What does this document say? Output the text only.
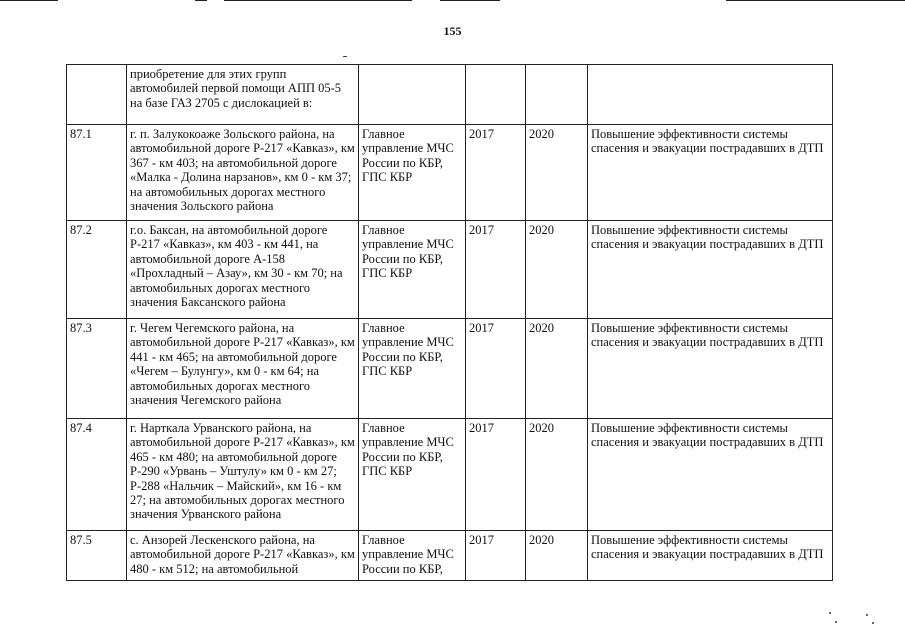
155
	приобретение для этих групп автомобилей первой помощи АПП 05-5 на базе ГАЗ 2705 с дислокацией в:				
87.1	г. п. Залукокоаже Зольского района, на автомобильной дороге Р-217 «Кавказ», км 367 - км 403; на автомобильной дороге «Малка - Долина нарзанов», км 0 - км 37; на автомобильных дорогах местного значения Зольского района	Главное управление МЧС России по КБР, ГПС КБР	2017	2020	Повышение эффективности системы спасения и эвакуации пострадавших в ДТП
87.2	г.о. Баксан, на автомобильной дороге Р-217 «Кавказ», км 403 - км 441, на автомобильной дороге А-158 «Прохладный – Азау», км 30 - км 70; на автомобильных дорогах местного значения Баксанского района	Главное управление МЧС России по КБР, ГПС КБР	2017	2020	Повышение эффективности системы спасения и эвакуации пострадавших в ДТП
87.3	г. Чегем Чегемского района, на автомобильной дороге Р-217 «Кавказ», км 441 - км 465; на автомобильной дороге «Чегем – Булунгу», км 0 - км 64; на автомобильных дорогах местного значения Чегемского района	Главное управление МЧС России по КБР, ГПС КБР	2017	2020	Повышение эффективности системы спасения и эвакуации пострадавших в ДТП
87.4	г. Нарткала Урванского района, на автомобильной дороге Р-217 «Кавказ», км 465 - км 480; на автомобильной дороге Р-290 «Урвань – Уштулу» км 0 - км 27; Р-288 «Нальчик – Майский», км 16 - км 27; на автомобильных дорогах местного значения Урванского района	Главное управление МЧС России по КБР, ГПС КБР	2017	2020	Повышение эффективности системы спасения и эвакуации пострадавших в ДТП
87.5	с. Анзорей Лескенского района, на автомобильной дороге Р-217 «Кавказ», км 480 - км 512; на автомобильной	Главное управление МЧС России по КБР,	2017	2020	Повышение эффективности системы спасения и эвакуации пострадавших в ДТП
